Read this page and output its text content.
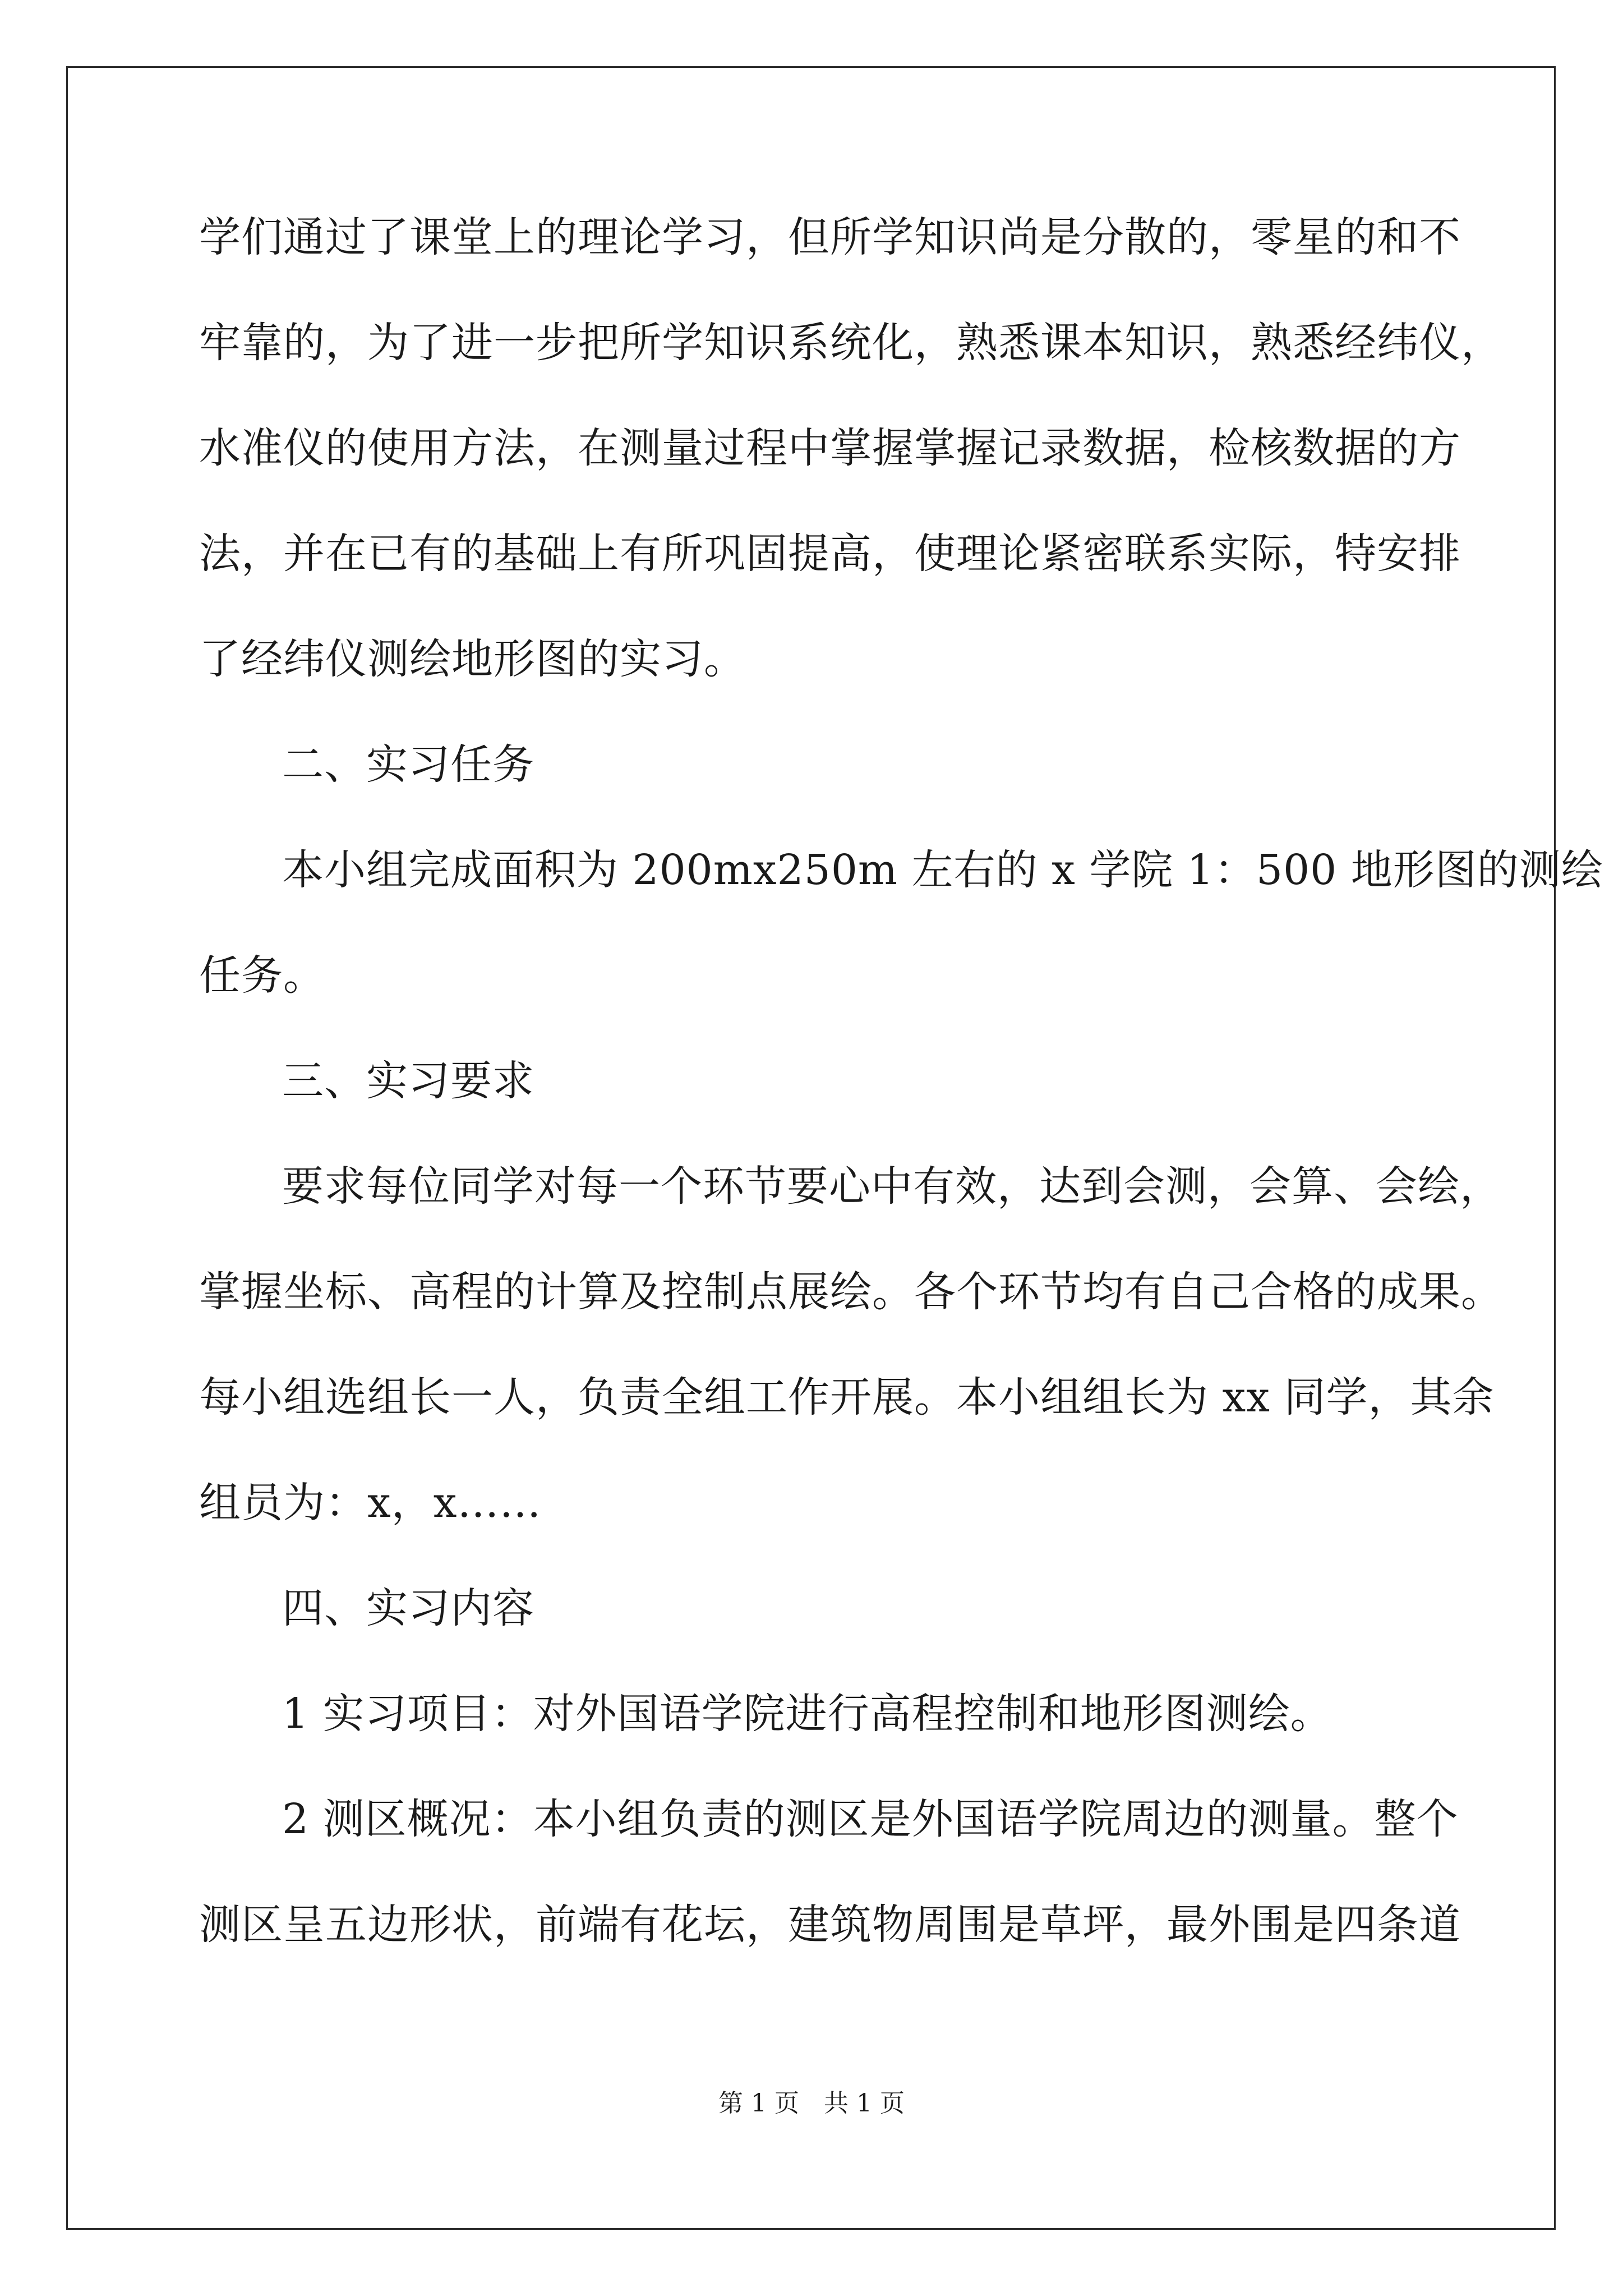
学们通过了课堂上的理论学习，但所学知识尚是分散的，零星的和不
牢靠的，为了进一步把所学知识系统化，熟悉课本知识，熟悉经纬仪，
水准仪的使用方法，在测量过程中掌握掌握记录数据，检核数据的方
法，并在已有的基础上有所巩固提高，使理论紧密联系实际，特安排
了经纬仪测绘地形图的实习。
二、实习任务
本小组完成面积为 200mx250m 左右的 x 学院 1：500 地形图的测绘
任务。
三、实习要求
要求每位同学对每一个环节要心中有效，达到会测，会算、会绘，
掌握坐标、高程的计算及控制点展绘。各个环节均有自己合格的成果。
每小组选组长一人，负责全组工作开展。本小组组长为 xx 同学，其余
组员为：x，x……
四、实习内容
1 实习项目：对外国语学院进行高程控制和地形图测绘。
2 测区概况：本小组负责的测区是外国语学院周边的测量。整个
测区呈五边形状，前端有花坛，建筑物周围是草坪，最外围是四条道
第 1 页　共 1 页
